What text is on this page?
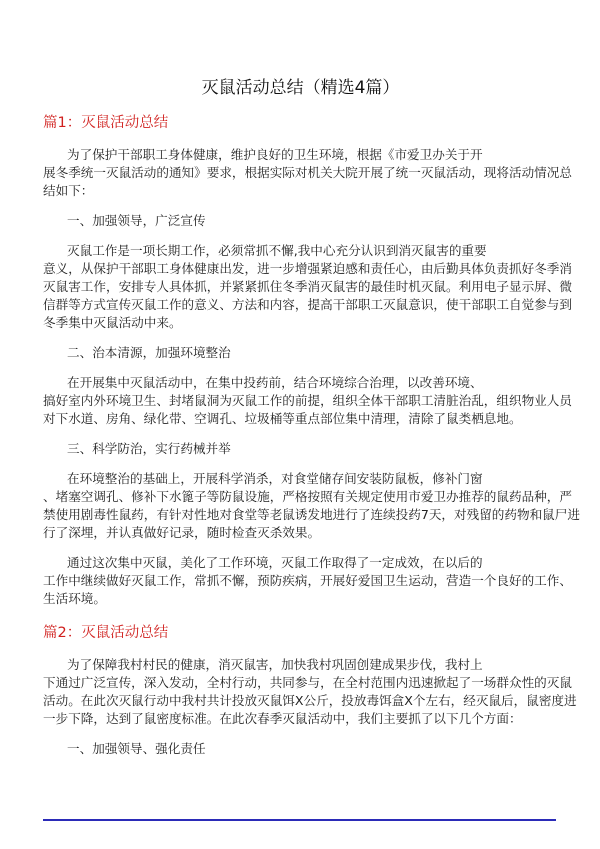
灭鼠活动总结（精选4篇）
篇1：灭鼠活动总结
为了保护干部职工身体健康，维护良好的卫生环境，根据《市爱卫办关于开
展冬季统一灭鼠活动的通知》要求，根据实际对机关大院开展了统一灭鼠活动，现将活动情况总
结如下：
一、加强领导，广泛宣传
灭鼠工作是一项长期工作，必须常抓不懈,我中心充分认识到消灭鼠害的重要
意义，从保护干部职工身体健康出发，进一步增强紧迫感和责任心，由后勤具体负责抓好冬季消
灭鼠害工作，安排专人具体抓，并紧紧抓住冬季消灭鼠害的最佳时机灭鼠。利用电子显示屏、微
信群等方式宣传灭鼠工作的意义、方法和内容，提高干部职工灭鼠意识，使干部职工自觉参与到
冬季集中灭鼠活动中来。
二、治本清源，加强环境整治
在开展集中灭鼠活动中，在集中投药前，结合环境综合治理，以改善环境、
搞好室内外环境卫生、封堵鼠洞为灭鼠工作的前提，组织全体干部职工清脏治乱，组织物业人员
对下水道、房角、绿化带、空调孔、垃圾桶等重点部位集中清理，清除了鼠类栖息地。
三、科学防治，实行药械并举
在环境整治的基础上，开展科学消杀，对食堂储存间安装防鼠板，修补门窗
、堵塞空调孔、修补下水篦子等防鼠设施，严格按照有关规定使用市爱卫办推荐的鼠药品种，严
禁使用剧毒性鼠药，有针对性地对食堂等老鼠诱发地进行了连续投药7天，对残留的药物和鼠尸进
行了深埋，并认真做好记录，随时检查灭杀效果。
通过这次集中灭鼠，美化了工作环境，灭鼠工作取得了一定成效，在以后的
工作中继续做好灭鼠工作，常抓不懈，预防疾病，开展好爱国卫生运动，营造一个良好的工作、
生活环境。
篇2：灭鼠活动总结
为了保障我村村民的健康，消灭鼠害，加快我村巩固创建成果步伐，我村上
下通过广泛宣传，深入发动，全村行动，共同参与，在全村范围内迅速掀起了一场群众性的灭鼠
活动。在此次灭鼠行动中我村共计投放灭鼠饵X公斤，投放毒饵盒X个左右，经灭鼠后，鼠密度进
一步下降，达到了鼠密度标准。在此次春季灭鼠活动中，我们主要抓了以下几个方面：
一、加强领导、强化责任
